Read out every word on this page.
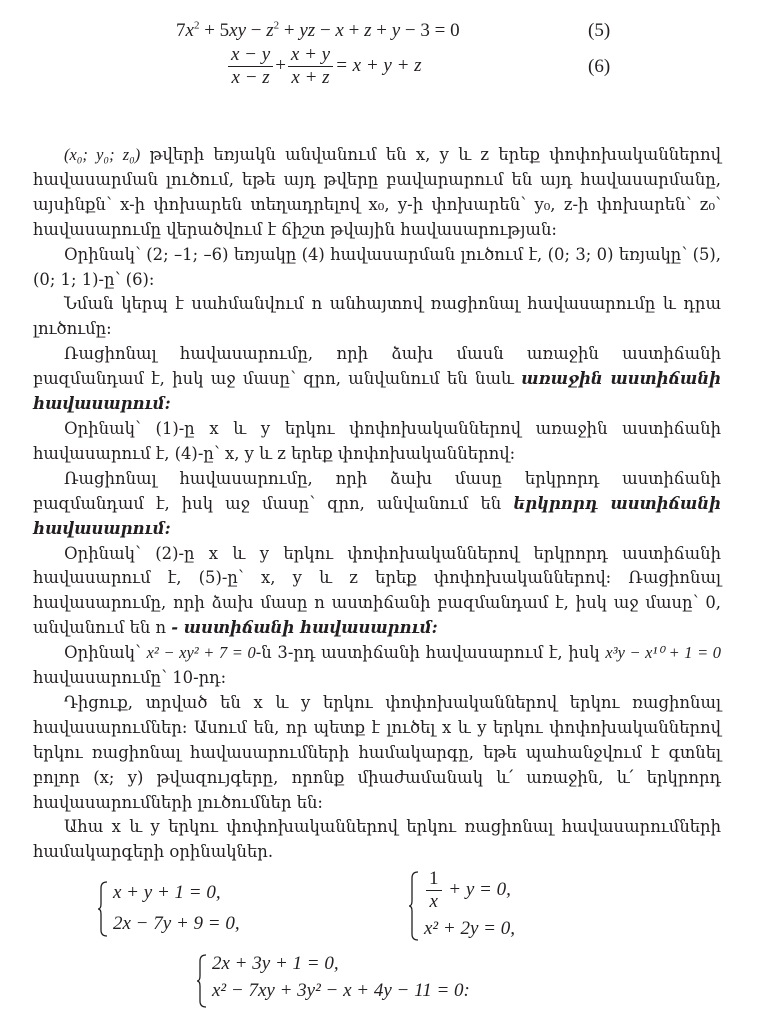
$7x^2 + 5xy - z^2$ + yz − x + z + y − 3 = 0	(5)
$\frac{x - y}{x - z} + \frac{x + y}{x + z} = x + y + z$	(6)

(x₀; y₀; z₀) թվերի եռյակն անվանում են x, y և z երեք փոփոխականներով հավասարման լուծում, եթե այդ թվերը բավարարում են այդ հավասարմանը, այսինքն՝ x-ի փոխարեն տեղադրելով x₀, y-ի փոխարեն՝ y₀, z-ի փոխարեն՝ z₀՝ հավասարումը վերածվում է ճիշտ թվային հավասարության:

Օրինակ՝ (2; –1; –6) եռյակը (4) հավասարման լուծում է, (0; 3; 0) եռյակը՝ (5), (0; 1; 1)-ը՝ (6):

Նման կերպ է սահմանվում n անհայտով ռացիոնալ հավասարումը և դրա լուծումը:

Ռացիոնալ հավասարումը, որի ձախ մասն առաջին աստիճանի բազմանդամ է, իսկ աջ մասը՝ զրո, անվանում են նաև առաջին աստիճանի հավասարում:

Օրինակ՝ (1)-ը x և y երկու փոփոխականներով առաջին աստիճանի հավասարում է, (4)-ը՝ x, y և z երեք փոփոխականներով:

Ռացիոնալ հավասարումը, որի ձախ մասը երկրորդ աստիճանի բազմանդամ է, իսկ աջ մասը՝ զրո, անվանում են երկրորդ աստիճանի հավասարում:

Օրինակ՝ (2)-ը x և y երկու փոփոխականներով երկրորդ աստիճանի հավասարում է, (5)-ը՝ x, y և z երեք փոփոխականներով: Ռացիոնալ հավասարումը, որի ձախ մասը n աստիճանի բազմանդամ է, իսկ աջ մասը՝ 0, անվանում են n - աստիճանի հավասարում:

Օրինակ՝ x² − xy² + 7 = 0-ն 3-րդ աստիճանի հավասարում է, իսկ x³y − x¹⁰ + 1 = 0 հավասարումը՝ 10-րդ:

Դիցուք, տրված են x և y երկու փոփոխականներով երկու ռացիոնալ հավասարումներ: Ասում են, որ պետք է լուծել x և y երկու փոփոխականներով երկու ռացիոնալ հավասարումների համակարգը, եթե պահանջվում է գտնել բոլոր (x; y) թվազույգերը, որոնք միաժամանակ և՛ առաջին, և՛ երկրորդ հավասարումների լուծումներ են:

Ահա x և y երկու փոփոխականներով երկու ռացիոնալ հավասարումների համակարգերի օրինակներ.

x + y + 1 = 0,
2x − 7y + 9 = 0,
$\frac{1}{x} + y = 0$,
x² + 2y = 0,
2x + 3y + 1 = 0,
x² − 7xy + 3y² − x + 4y − 11 = 0:
